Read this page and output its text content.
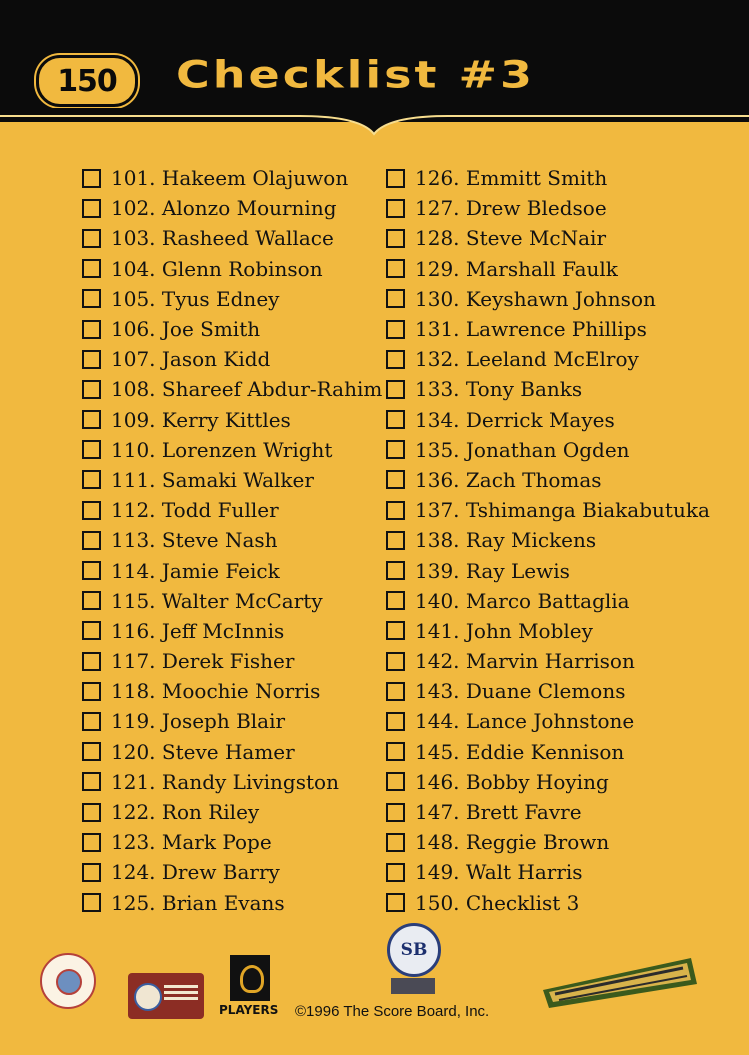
150	Checklist #3
101. Hakeem Olajuwon
102. Alonzo Mourning
103. Rasheed Wallace
104. Glenn Robinson
105. Tyus Edney
106. Joe Smith
107. Jason Kidd
108. Shareef Abdur-Rahim
109. Kerry Kittles
110. Lorenzen Wright
111. Samaki Walker
112. Todd Fuller
113. Steve Nash
114. Jamie Feick
115. Walter McCarty
116. Jeff McInnis
117. Derek Fisher
118. Moochie Norris
119. Joseph Blair
120. Steve Hamer
121. Randy Livingston
122. Ron Riley
123. Mark Pope
124. Drew Barry
125. Brian Evans
126. Emmitt Smith
127. Drew Bledsoe
128. Steve McNair
129. Marshall Faulk
130. Keyshawn Johnson
131. Lawrence Phillips
132. Leeland McElroy
133. Tony Banks
134. Derrick Mayes
135. Jonathan Ogden
136. Zach Thomas
137. Tshimanga Biakabutuka
138. Ray Mickens
139. Ray Lewis
140. Marco Battaglia
141. John Mobley
142. Marvin Harrison
143. Duane Clemons
144. Lance Johnstone
145. Eddie Kennison
146. Bobby Hoying
147. Brett Favre
148. Reggie Brown
149. Walt Harris
150. Checklist 3
PLAYERS
SB
©1996 The Score Board, Inc.
